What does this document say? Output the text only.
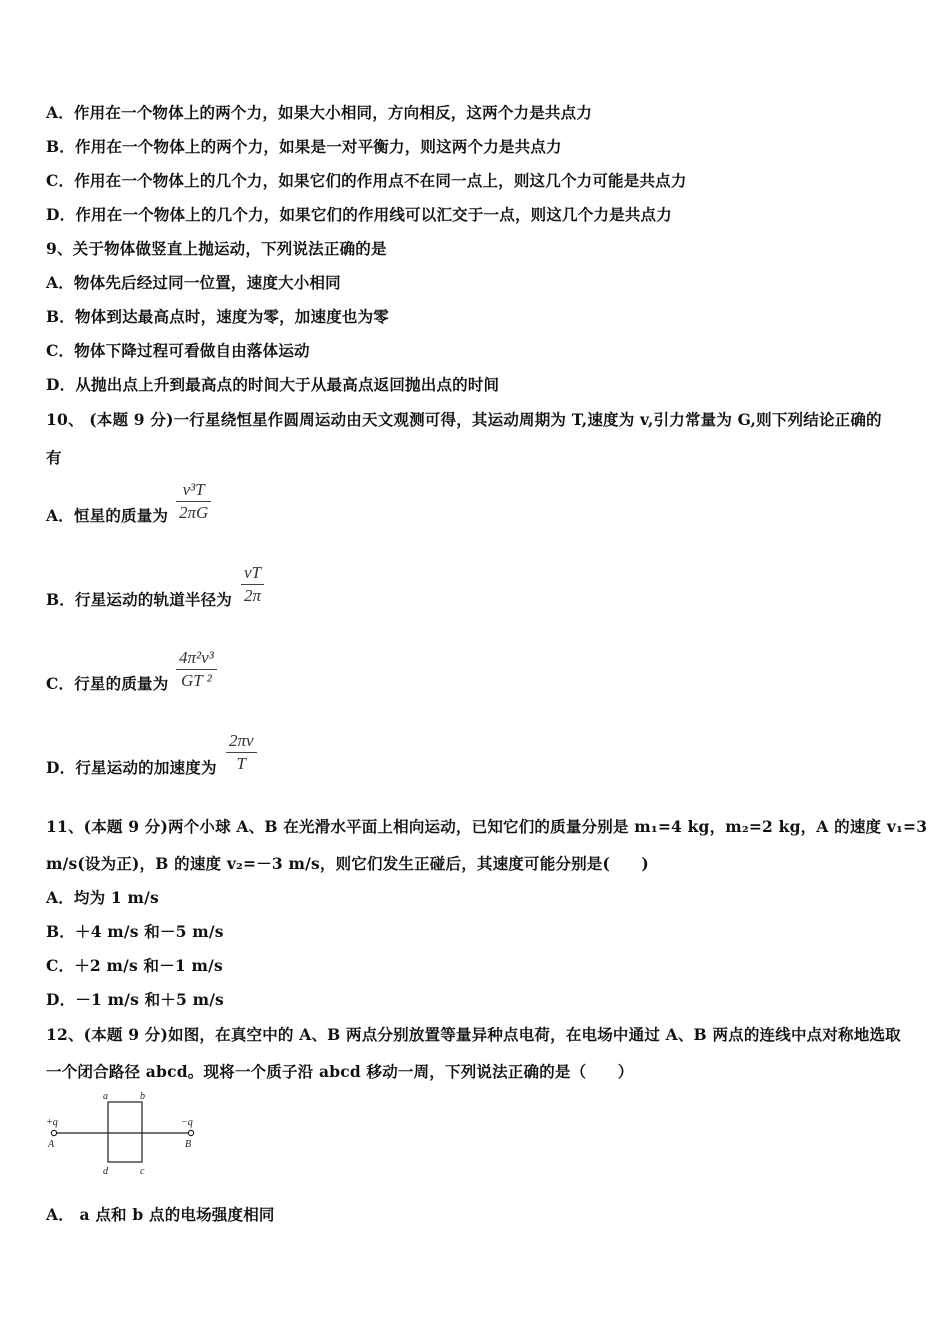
A．作用在一个物体上的两个力，如果大小相同，方向相反，这两个力是共点力
B．作用在一个物体上的两个力，如果是一对平衡力，则这两个力是共点力
C．作用在一个物体上的几个力，如果它们的作用点不在同一点上，则这几个力可能是共点力
D．作用在一个物体上的几个力，如果它们的作用线可以汇交于一点，则这几个力是共点力
9、关于物体做竖直上抛运动，下列说法正确的是
A．物体先后经过同一位置，速度大小相同
B．物体到达最高点时，速度为零，加速度也为零
C．物体下降过程可看做自由落体运动
D．从抛出点上升到最高点的时间大于从最高点返回抛出点的时间
10、 (本题 9 分)一行星绕恒星作圆周运动由天文观测可得，其运动周期为 T,速度为 v,引力常量为 G,则下列结论正确的
有
A．恒星的质量为
v³T
2πG
B．行星运动的轨道半径为
vT
2π
C．行星的质量为
4π²v³
GT ²
D．行星运动的加速度为
2πv
T
11、(本题 9 分)两个小球 A、B 在光滑水平面上相向运动，已知它们的质量分别是 m₁=4 kg，m₂=2 kg，A 的速度 v₁=3
m/s(设为正)，B 的速度 v₂=－3 m/s，则它们发生正碰后，其速度可能分别是(　　)
A．均为 1 m/s
B．＋4 m/s 和－5 m/s
C．＋2 m/s 和－1 m/s
D．－1 m/s 和＋5 m/s
12、(本题 9 分)如图，在真空中的 A、B 两点分别放置等量异种点电荷，在电场中通过 A、B 两点的连线中点对称地选取
一个闭合路径 abcd。现将一个质子沿 abcd 移动一周，下列说法正确的是（　　）
+q
A
−q
B
a	b
d	c
A． a 点和 b 点的电场强度相同
